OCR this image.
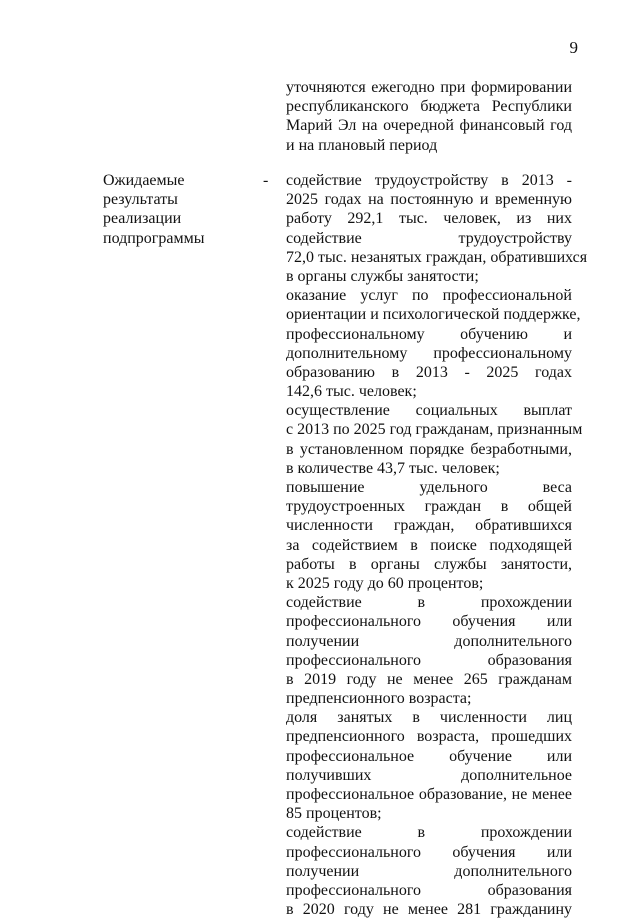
9
уточняются ежегодно при формировании
республиканского бюджета Республики
Марий Эл на очередной финансовый год
и на плановый период
Ожидаемые
результаты
реализации
подпрограммы
- содействие трудоустройству в 2013 -
2025 годах на постоянную и временную
работу 292,1 тыс. человек, из них
содействие трудоустройству
72,0 тыс. незанятых граждан, обратившихся
в органы службы занятости;

оказание услуг по профессиональной
ориентации и психологической поддержке,
профессиональному обучению и
дополнительному профессиональному
образованию в 2013 - 2025 годах
142,6 тыс. человек;

осуществление социальных выплат
с 2013 по 2025 год гражданам, признанным
в установленном порядке безработными,
в количестве 43,7 тыс. человек;

повышение удельного веса
трудоустроенных граждан в общей
численности граждан, обратившихся
за содействием в поиске подходящей
работы в органы службы занятости,
к 2025 году до 60 процентов;

содействие в прохождении
профессионального обучения или
получении дополнительного
профессионального образования
в 2019 году не менее 265 гражданам
предпенсионного возраста;

доля занятых в численности лиц
предпенсионного возраста, прошедших
профессиональное обучение или
получивших дополнительное
профессиональное образование, не менее
85 процентов;

содействие в прохождении
профессионального обучения или
получении дополнительного
профессионального образования
в 2020 году не менее 281 гражданину
